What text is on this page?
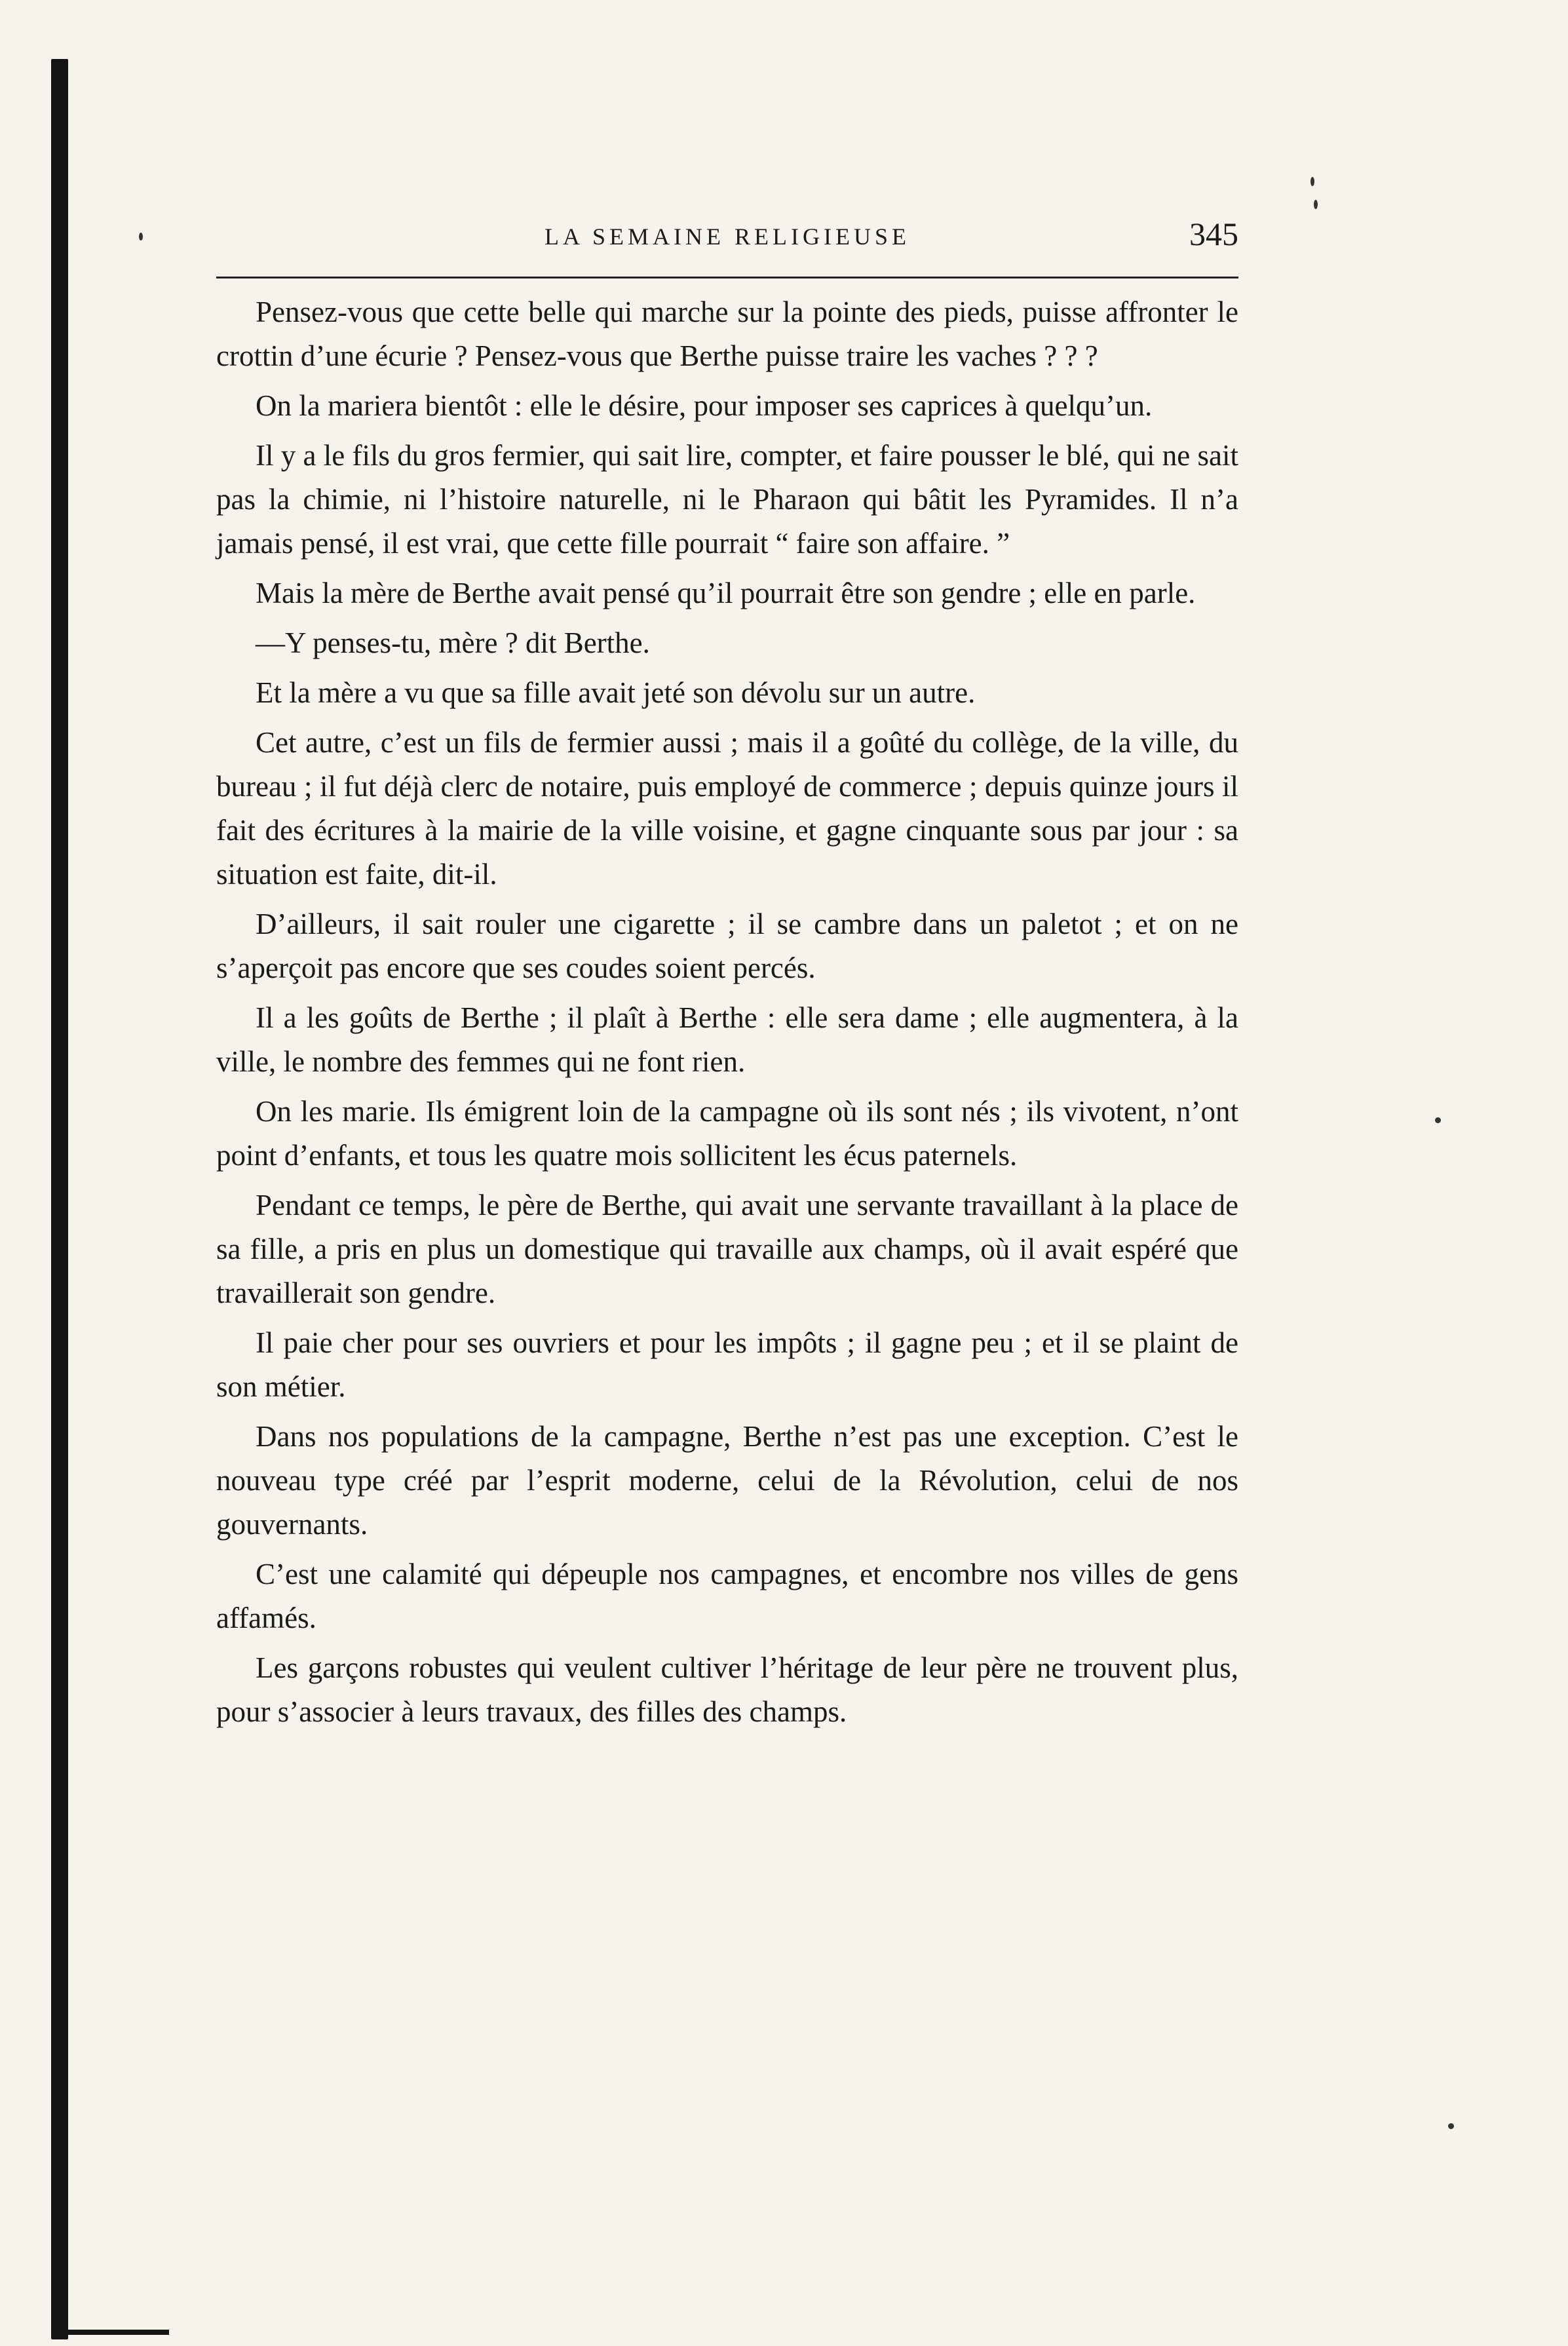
LA SEMAINE RELIGIEUSE	345

Pensez-vous que cette belle qui marche sur la pointe des pieds, puisse affronter le crottin d’une écurie ? Pensez-vous que Berthe puisse traire les vaches ? ? ?

On la mariera bientôt : elle le désire, pour imposer ses caprices à quelqu’un.

Il y a le fils du gros fermier, qui sait lire, compter, et faire pousser le blé, qui ne sait pas la chimie, ni l’histoire naturelle, ni le Pharaon qui bâtit les Pyramides. Il n’a jamais pensé, il est vrai, que cette fille pourrait “ faire son affaire. ”

Mais la mère de Berthe avait pensé qu’il pourrait être son gendre ; elle en parle.

—Y penses-tu, mère ? dit Berthe.

Et la mère a vu que sa fille avait jeté son dévolu sur un autre.

Cet autre, c’est un fils de fermier aussi ; mais il a goûté du collège, de la ville, du bureau ; il fut déjà clerc de notaire, puis employé de commerce ; depuis quinze jours il fait des écritures à la mairie de la ville voisine, et gagne cinquante sous par jour : sa situation est faite, dit-il.

D’ailleurs, il sait rouler une cigarette ; il se cambre dans un paletot ; et on ne s’aperçoit pas encore que ses coudes soient percés.

Il a les goûts de Berthe ; il plaît à Berthe : elle sera dame ; elle augmentera, à la ville, le nombre des femmes qui ne font rien.

On les marie. Ils émigrent loin de la campagne où ils sont nés ; ils vivotent, n’ont point d’enfants, et tous les quatre mois sollicitent les écus paternels.

Pendant ce temps, le père de Berthe, qui avait une servante travaillant à la place de sa fille, a pris en plus un domestique qui travaille aux champs, où il avait espéré que travaillerait son gendre.

Il paie cher pour ses ouvriers et pour les impôts ; il gagne peu ; et il se plaint de son métier.

Dans nos populations de la campagne, Berthe n’est pas une exception. C’est le nouveau type créé par l’esprit moderne, celui de la Révolution, celui de nos gouvernants.

C’est une calamité qui dépeuple nos campagnes, et encombre nos villes de gens affamés.

Les garçons robustes qui veulent cultiver l’héritage de leur père ne trouvent plus, pour s’associer à leurs travaux, des filles des champs.
